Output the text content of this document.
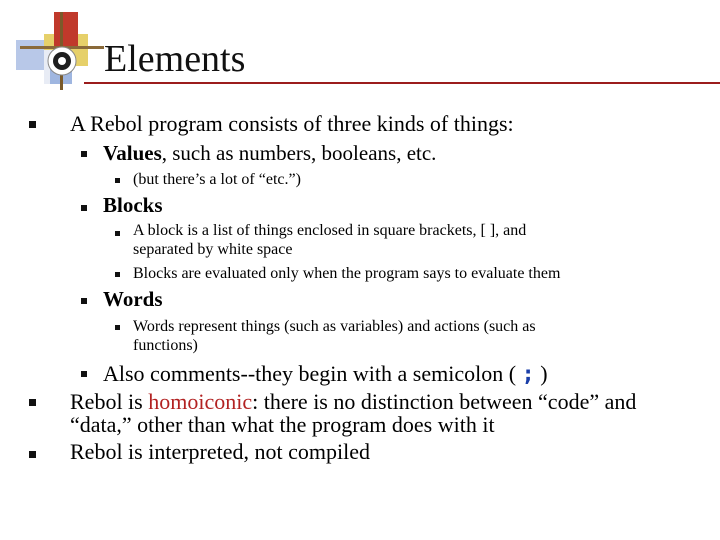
Elements
A Rebol program consists of three kinds of things:
Values, such as numbers, booleans, etc.
(but there’s a lot of “etc.”)
Blocks
A block is a list of things enclosed in square brackets, [ ], and
separated by white space
Blocks are evaluated only when the program says to evaluate them
Words
Words represent things (such as variables) and actions (such as
functions)
Also comments--they begin with a semicolon ( ; )
Rebol is homoiconic: there is no distinction between “code” and
“data,” other than what the program does with it
Rebol is interpreted, not compiled
